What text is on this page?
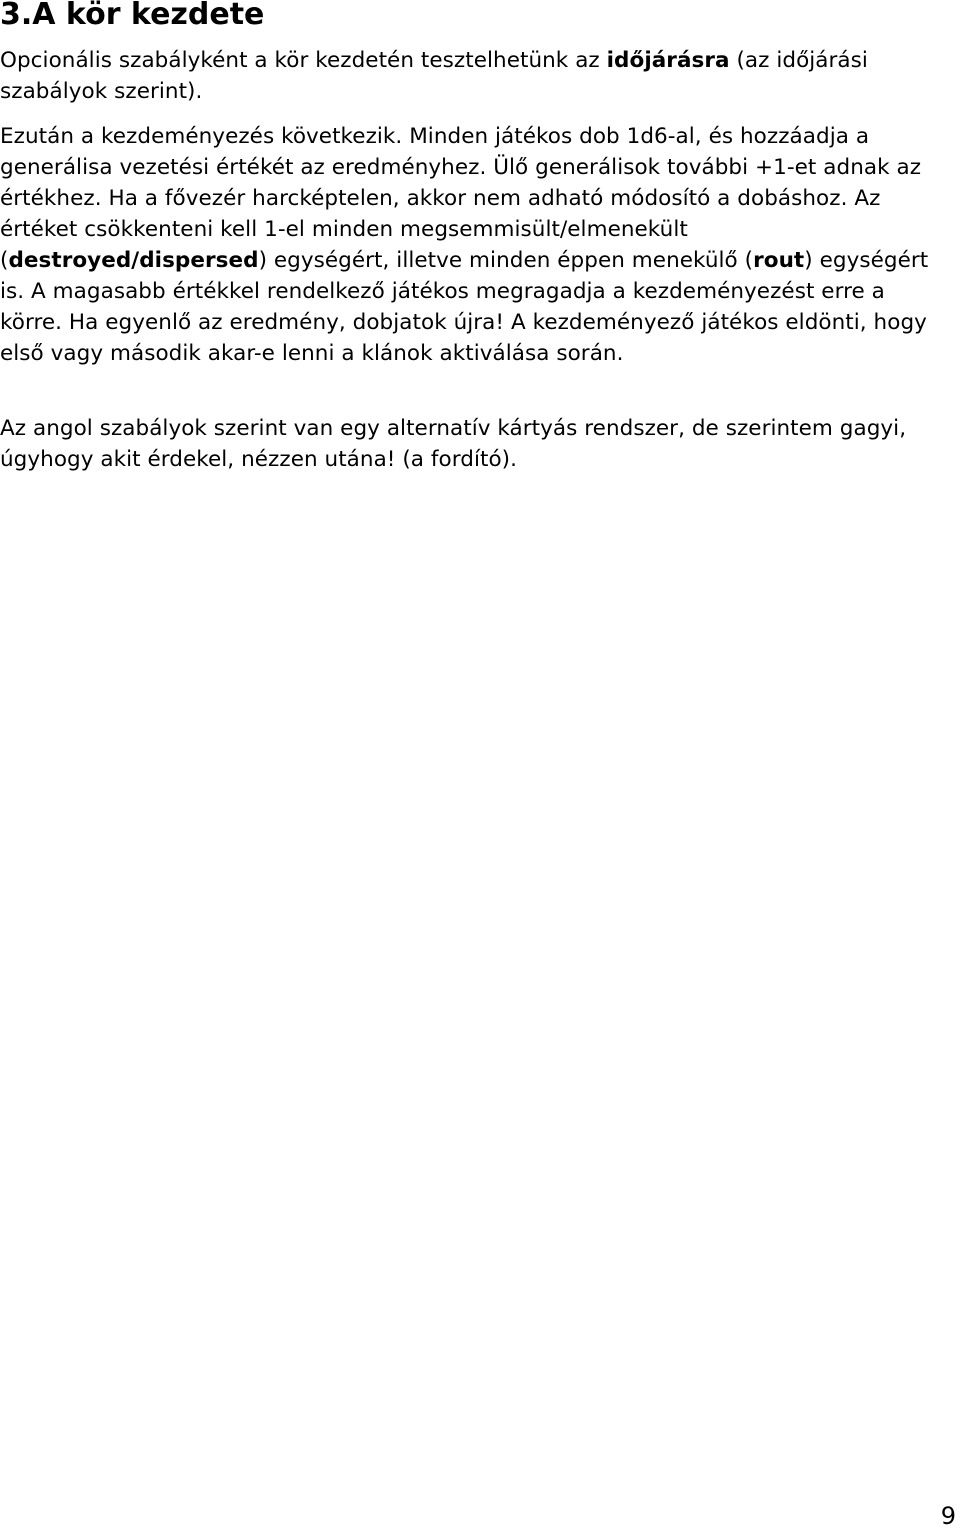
3.A kör kezdete

Opcionális szabályként a kör kezdetén tesztelhetünk az időjárásra (az időjárási szabályok szerint).

Ezután a kezdeményezés következik. Minden játékos dob 1d6-al, és hozzáadja a generálisa vezetési értékét az eredményhez. Ülő generálisok további +1-et adnak az értékhez. Ha a fővezér harcképtelen, akkor nem adható módosító a dobáshoz. Az értéket csökkenteni kell 1-el minden megsemmisült/elmenekült (destroyed/dispersed) egységért, illetve minden éppen menekülő (rout) egységért is. A magasabb értékkel rendelkező játékos megragadja a kezdeményezést erre a körre. Ha egyenlő az eredmény, dobjatok újra! A kezdeményező játékos eldönti, hogy első vagy második akar-e lenni a klánok aktiválása során.

Az angol szabályok szerint van egy alternatív kártyás rendszer, de szerintem gagyi, úgyhogy akit érdekel, nézzen utána! (a fordító).

9
